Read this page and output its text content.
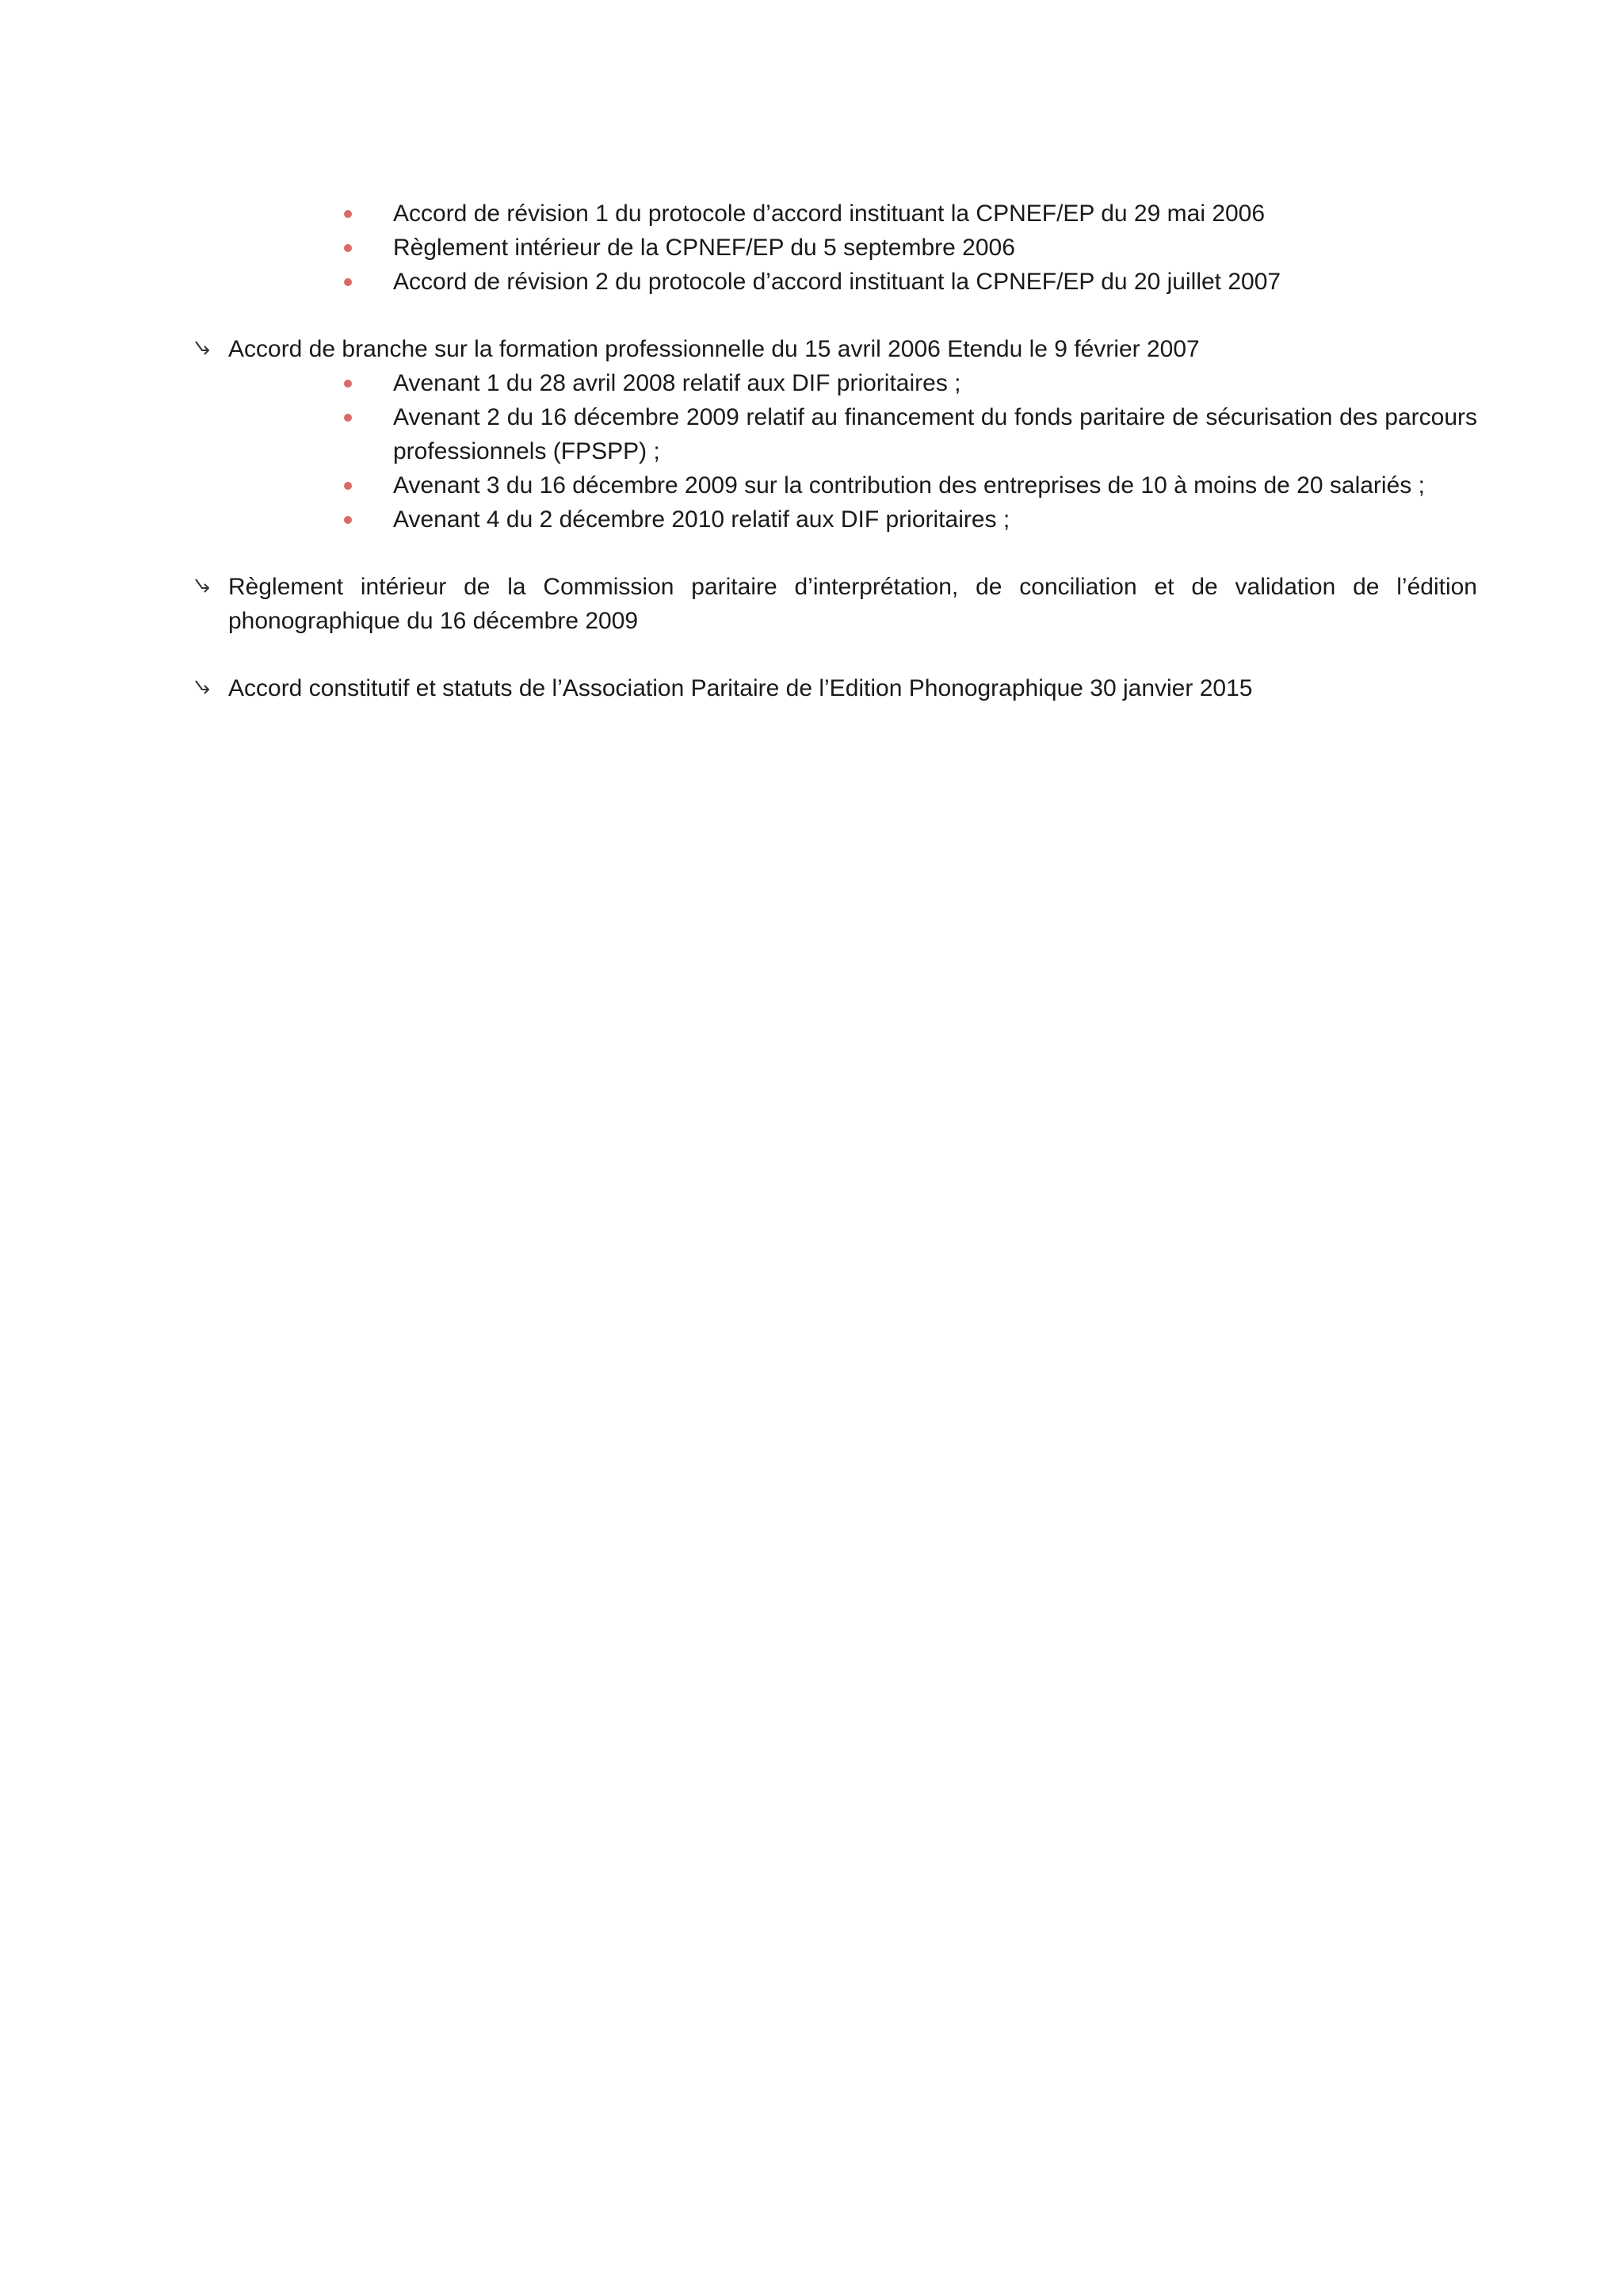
Accord de révision 1 du protocole d’accord instituant la CPNEF/EP du 29 mai 2006
Règlement intérieur de la CPNEF/EP du 5 septembre 2006
Accord de révision 2 du protocole d’accord instituant la CPNEF/EP du 20 juillet 2007
Accord de branche sur la formation professionnelle du 15 avril 2006 Etendu le 9 février 2007
Avenant 1 du 28 avril 2008 relatif aux DIF prioritaires ;
Avenant 2 du 16 décembre 2009 relatif au financement du fonds paritaire de sécurisation des parcours professionnels (FPSPP) ;
Avenant 3 du 16 décembre 2009 sur la contribution des entreprises de 10 à moins de 20 salariés ;
Avenant 4 du 2 décembre 2010 relatif aux DIF prioritaires ;
Règlement intérieur de la Commission paritaire d’interprétation, de conciliation et de validation de l’édition phonographique du 16 décembre 2009
Accord constitutif et statuts de l’Association Paritaire de l’Edition Phonographique 30 janvier 2015
